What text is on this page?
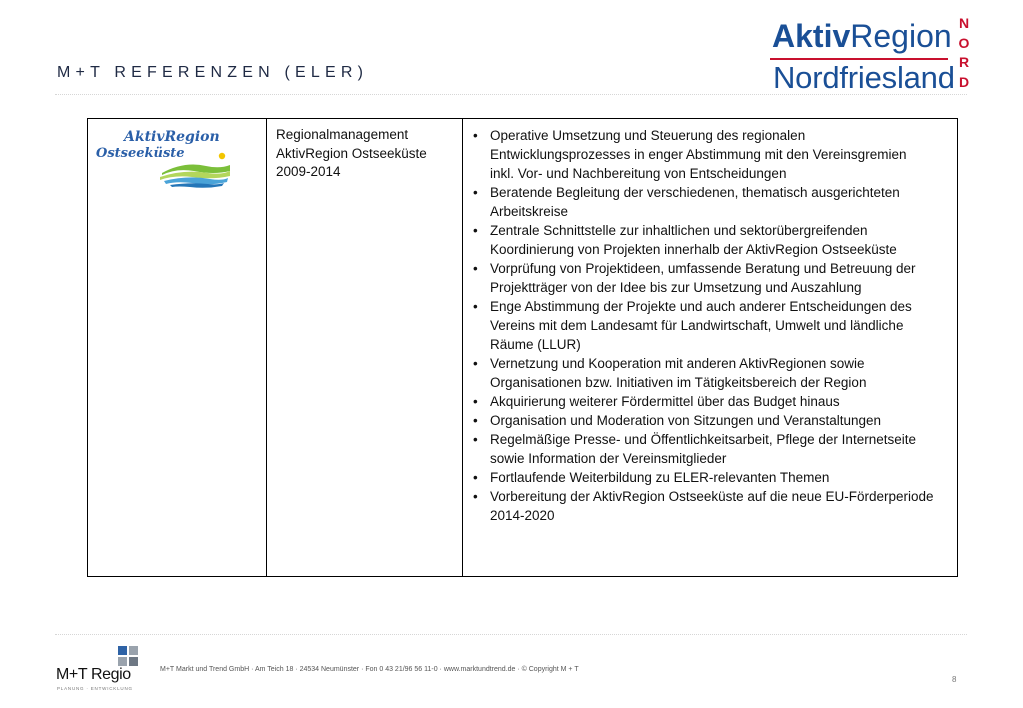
M+T REFERENZEN (ELER)
AktivRegion
Nordfriesland
N
O
R
D
AktivRegion
Ostseeküste

Regionalmanagement
AktivRegion Ostseeküste
2009-2014

• Operative Umsetzung und Steuerung des regionalen
Entwicklungsprozesses in enger Abstimmung mit den Vereinsgremien
inkl. Vor- und Nachbereitung von Entscheidungen
• Beratende Begleitung der verschiedenen, thematisch ausgerichteten
Arbeitskreise
• Zentrale Schnittstelle zur inhaltlichen und sektorübergreifenden
Koordinierung von Projekten innerhalb der AktivRegion Ostseeküste
• Vorprüfung von Projektideen, umfassende Beratung und Betreuung der
Projektträger von der Idee bis zur Umsetzung und Auszahlung
• Enge Abstimmung der Projekte und auch anderer Entscheidungen des
Vereins mit dem Landesamt für Landwirtschaft, Umwelt und ländliche
Räume (LLUR)
• Vernetzung und Kooperation mit anderen AktivRegionen sowie
Organisationen bzw. Initiativen im Tätigkeitsbereich der Region
• Akquirierung weiterer Fördermittel über das Budget hinaus
• Organisation und Moderation von Sitzungen und Veranstaltungen
• Regelmäßige Presse- und Öffentlichkeitsarbeit, Pflege der Internetseite
sowie Information der Vereinsmitglieder
• Fortlaufende Weiterbildung zu ELER-relevanten Themen
• Vorbereitung der AktivRegion Ostseeküste auf die neue EU-Förderperiode
2014-2020
M+T Regio
PLANUNG · ENTWICKLUNG
M+T Markt und Trend GmbH · Am Teich 18 · 24534 Neumünster · Fon 0 43 21/96 56 11-0 · www.marktundtrend.de · © Copyright M + T
8
